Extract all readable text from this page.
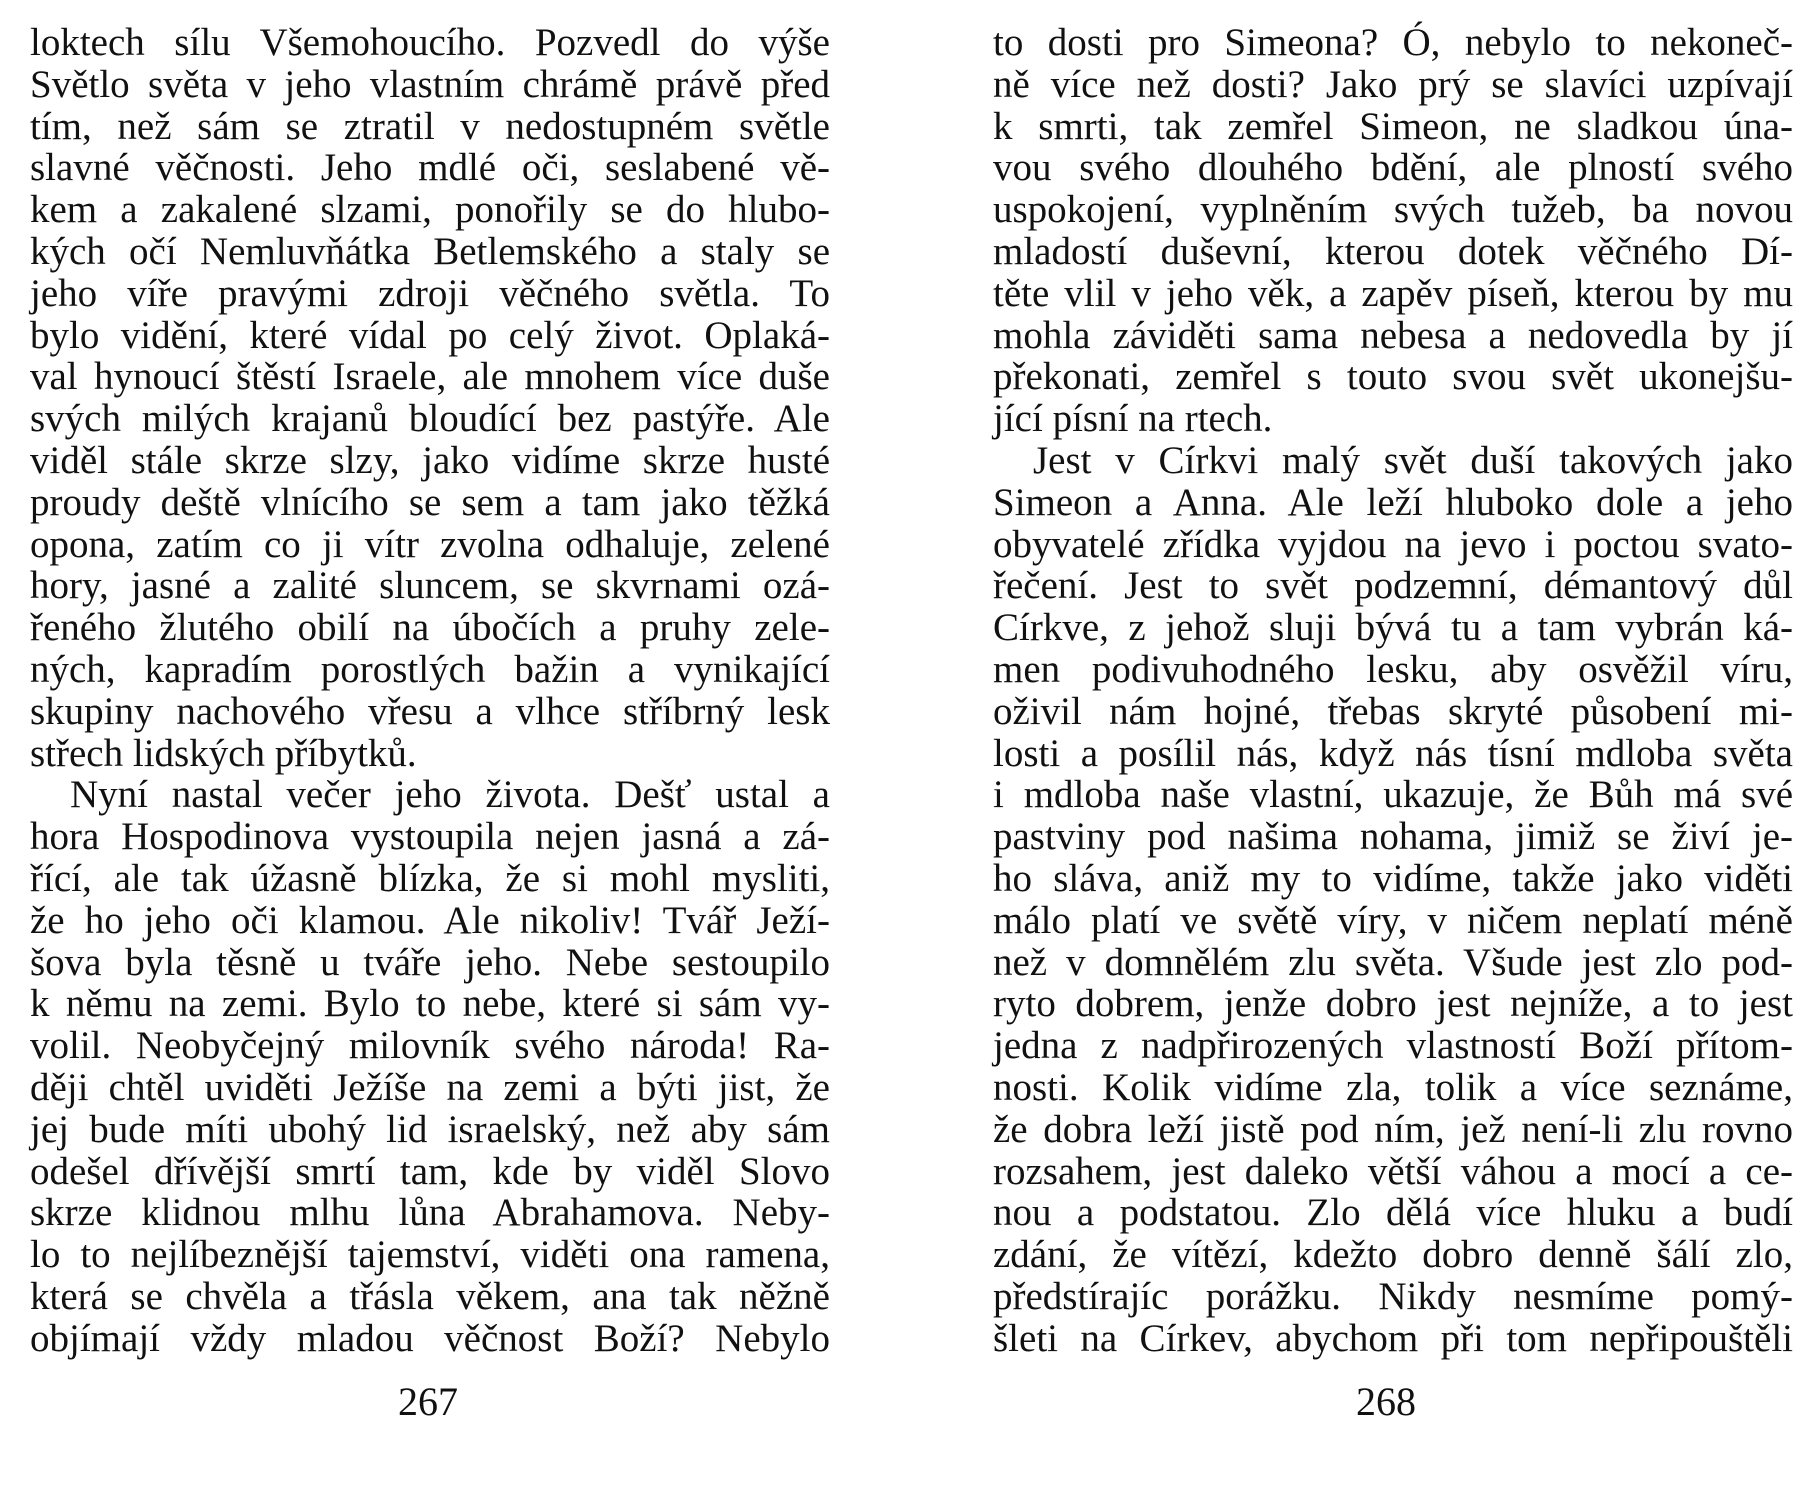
loktech sílu Všemohoucího. Pozvedl do výše
Světlo světa v jeho vlastním chrámě právě před
tím, než sám se ztratil v nedostupném světle
slavné věčnosti. Jeho mdlé oči, seslabené vě-
kem a zakalené slzami, ponořily se do hlubo-
kých očí Nemluvňátka Betlemského a staly se
jeho víře pravými zdroji věčného světla. To
bylo vidění, které vídal po celý život. Oplaká-
val hynoucí štěstí Israele, ale mnohem více duše
svých milých krajanů bloudící bez pastýře. Ale
viděl stále skrze slzy, jako vidíme skrze husté
proudy deště vlnícího se sem a tam jako těžká
opona, zatím co ji vítr zvolna odhaluje, zelené
hory, jasné a zalité sluncem, se skvrnami ozá-
řeného žlutého obilí na úbočích a pruhy zele-
ných, kapradím porostlých bažin a vynikající
skupiny nachového vřesu a vlhce stříbrný lesk
střech lidských příbytků.
Nyní nastal večer jeho života. Dešť ustal a
hora Hospodinova vystoupila nejen jasná a zá-
řící, ale tak úžasně blízka, že si mohl mysliti,
že ho jeho oči klamou. Ale nikoliv! Tvář Ježí-
šova byla těsně u tváře jeho. Nebe sestoupilo
k němu na zemi. Bylo to nebe, které si sám vy-
volil. Neobyčejný milovník svého národa! Ra-
ději chtěl uviděti Ježíše na zemi a býti jist, že
jej bude míti ubohý lid israelský, než aby sám
odešel dřívější smrtí tam, kde by viděl Slovo
skrze klidnou mlhu lůna Abrahamova. Neby-
lo to nejlíbeznější tajemství, viděti ona ramena,
která se chvěla a třásla věkem, ana tak něžně
objímají vždy mladou věčnost Boží? Nebylo
to dosti pro Simeona? Ó, nebylo to nekoneč-
ně více než dosti? Jako prý se slavíci uzpívají
k smrti, tak zemřel Simeon, ne sladkou úna-
vou svého dlouhého bdění, ale plností svého
uspokojení, vyplněním svých tužeb, ba novou
mladostí duševní, kterou dotek věčného Dí-
těte vlil v jeho věk, a zapěv píseň, kterou by mu
mohla záviděti sama nebesa a nedovedla by jí
překonati, zemřel s touto svou svět ukonejšu-
jící písní na rtech.
Jest v Církvi malý svět duší takových jako
Simeon a Anna. Ale leží hluboko dole a jeho
obyvatelé zřídka vyjdou na jevo i poctou svato-
řečení. Jest to svět podzemní, démantový důl
Církve, z jehož sluji bývá tu a tam vybrán ká-
men podivuhodného lesku, aby osvěžil víru,
oživil nám hojné, třebas skryté působení mi-
losti a posílil nás, když nás tísní mdloba světa
i mdloba naše vlastní, ukazuje, že Bůh má své
pastviny pod našima nohama, jimiž se živí je-
ho sláva, aniž my to vidíme, takže jako viděti
málo platí ve světě víry, v ničem neplatí méně
než v domnělém zlu světa. Všude jest zlo pod-
ryto dobrem, jenže dobro jest nejníže, a to jest
jedna z nadpřirozených vlastností Boží přítom-
nosti. Kolik vidíme zla, tolik a více seznáme,
že dobra leží jistě pod ním, jež není-li zlu rovno
rozsahem, jest daleko větší váhou a mocí a ce-
nou a podstatou. Zlo dělá více hluku a budí
zdání, že vítězí, kdežto dobro denně šálí zlo,
předstírajíc porážku. Nikdy nesmíme pomý-
šleti na Církev, abychom při tom nepřipouštěli
267	268
